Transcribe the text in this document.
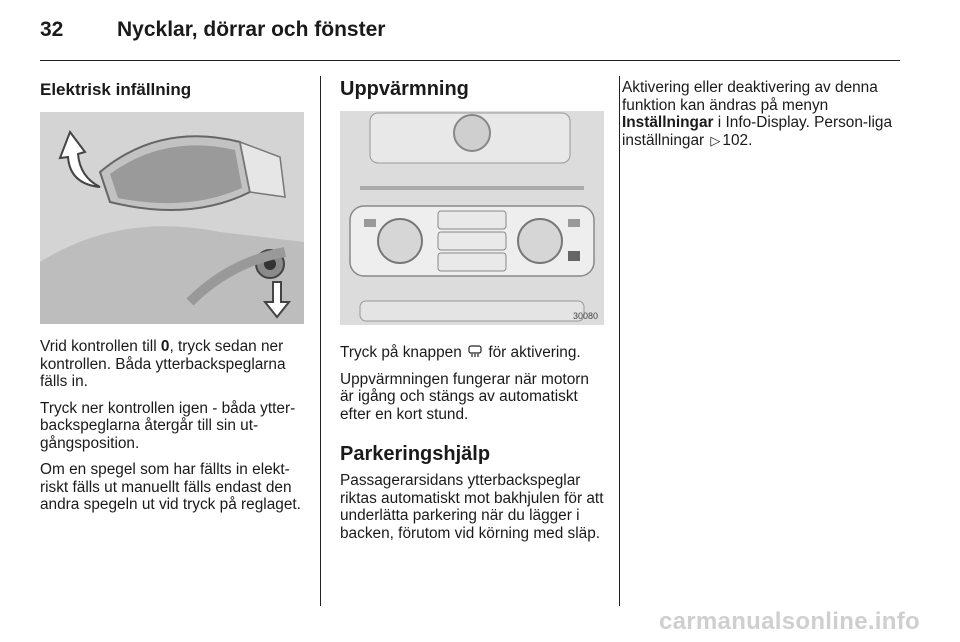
32	Nycklar, dörrar och fönster
Elektrisk infällning

Vrid kontrollen till 0, tryck sedan ner kontrollen. Båda ytterbackspeglarna fälls in.

Tryck ner kontrollen igen - båda ytter-backspeglarna återgår till sin ut-gångsposition.

Om en spegel som har fällts in elekt-riskt fälls ut manuellt fälls endast den andra spegeln ut vid tryck på reglaget.

Uppvärmning
30080

Tryck på knappen  för aktivering.

Uppvärmningen fungerar när motorn är igång och stängs av automatiskt efter en kort stund.

Parkeringshjälp

Passagerarsidans ytterbackspeglar riktas automatiskt mot bakhjulen för att underlätta parkering när du lägger i backen, förutom vid körning med släp.

Aktivering eller deaktivering av denna funktion kan ändras på menyn Inställningar i Info-Display. Person-liga inställningar ▷ 102.

carmanualsonline.info
